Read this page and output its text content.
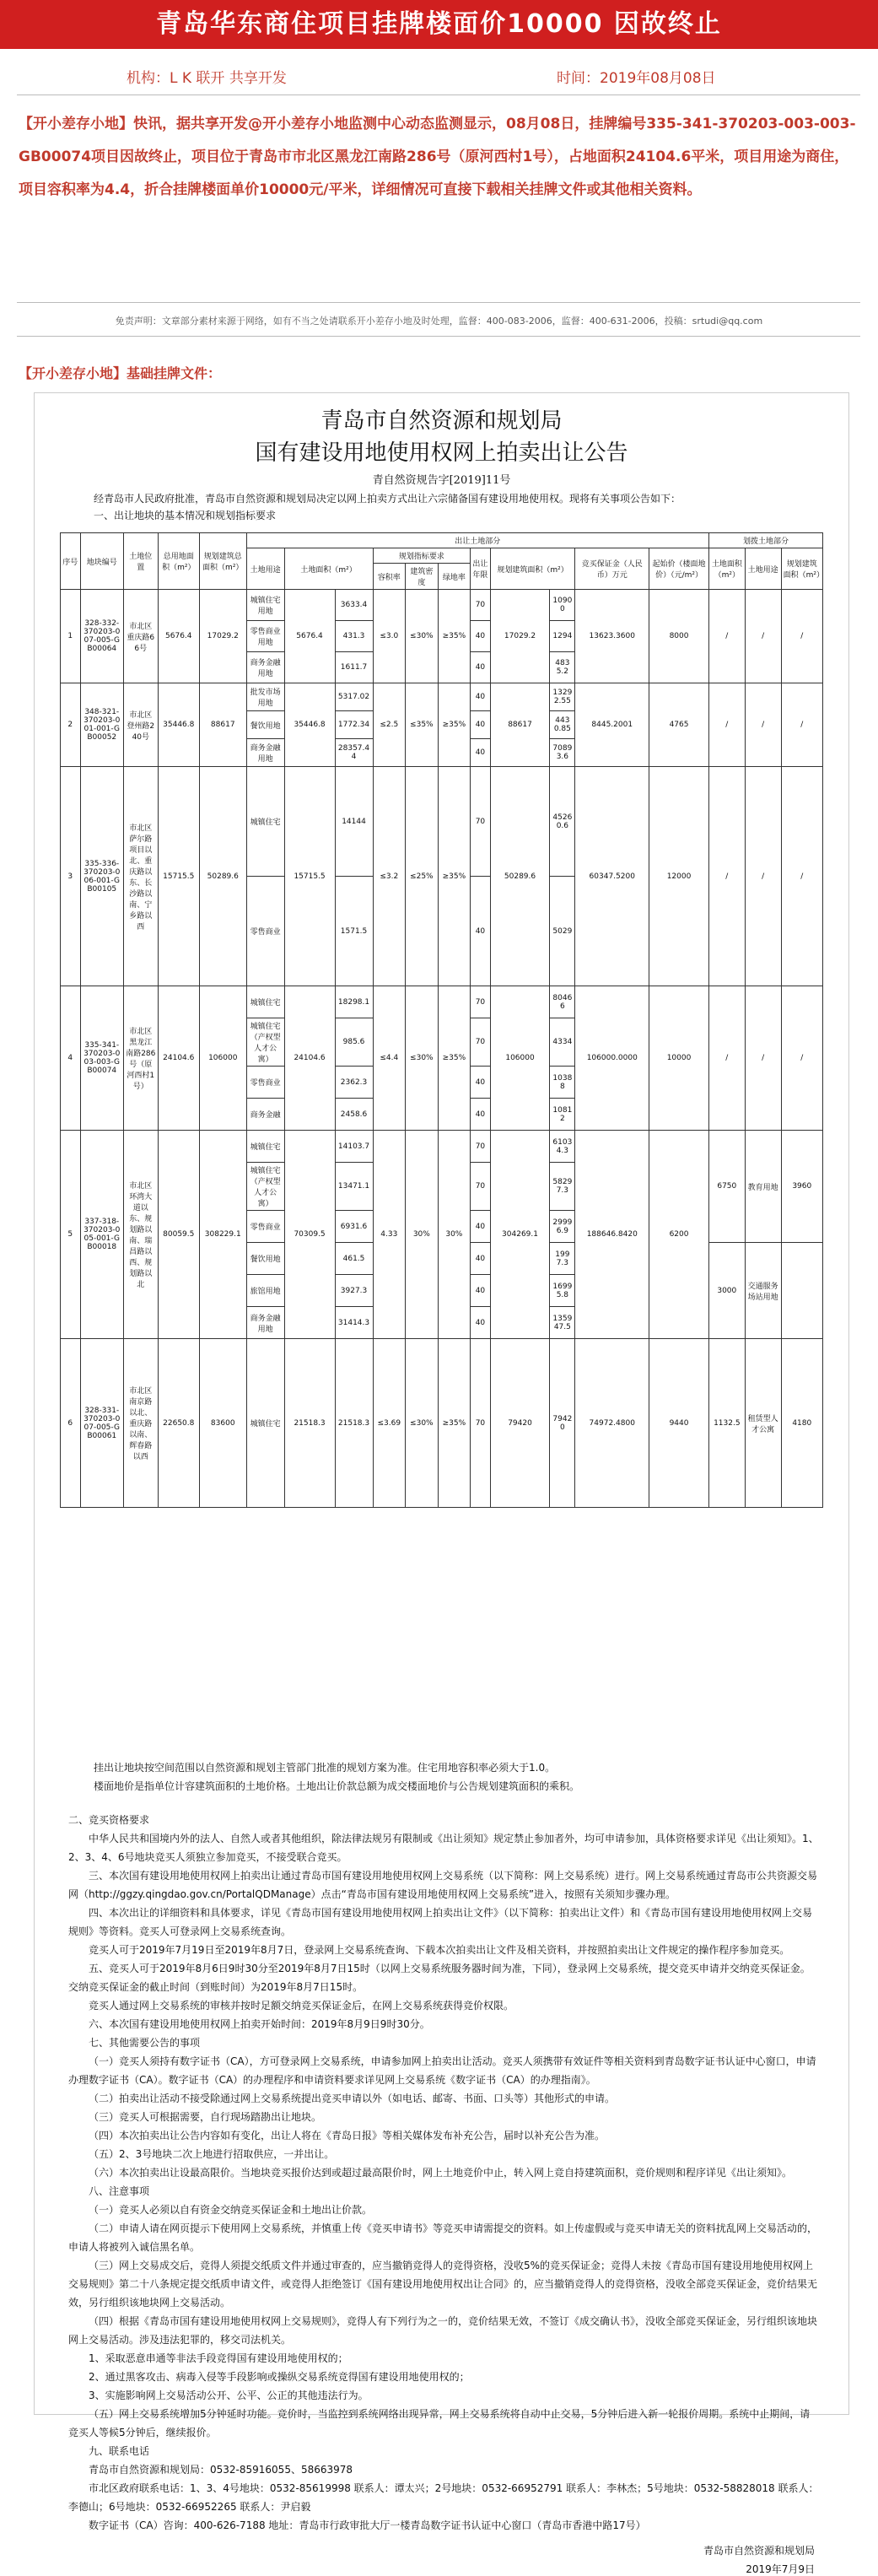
青岛华东商住项目挂牌楼面价10000 因故终止
机构：L K 联开 共享开发	时间：2019年08月08日
【开小差存小地】快讯，据共享开发@开小差存小地监测中心动态监测显示，08月08日，挂牌编号335-341-370203-003-003-GB00074项目因故终止，项目位于青岛市市北区黑龙江南路286号（原河西村1号），占地面积24104.6平米，项目用途为商住，项目容积率为4.4，折合挂牌楼面单价10000元/平米，详细情况可直接下载相关挂牌文件或其他相关资料。
免责声明：文章部分素材来源于网络，如有不当之处请联系开小差存小地及时处理，监督：400-083-2006，监督：400-631-2006，投稿：srtudi@qq.com
【开小差存小地】基础挂牌文件：
青岛市自然资源和规划局
国有建设用地使用权网上拍卖出让公告
青自然资规告字[2019]11号
经青岛市人民政府批准，青岛市自然资源和规划局决定以网上拍卖方式出让六宗储备国有建设用地使用权。现将有关事项公告如下：
一、出让地块的基本情况和规划指标要求
序号	地块编号	土地位置	总用地面积（m²）	规划建筑总面积（m²）	出让土地部分											划拨土地部分		
					土地用途	土地面积（m²）		规划指标要求			出让年限	规划建筑面积（m²）		竞买保证金（人民币）万元	起始价（楼面地价）（元/m²）	土地面积（m²）	土地用途	规划建筑面积（m²）
								容积率	建筑密度	绿地率								
1	328-332-370203-007-005-GB00064	市北区重庆路66号	5676.4	17029.2	城镇住宅用地	5676.4	3633.4	≤3.0	≤30%	≥35%	70	17029.2	10900	13623.3600	8000	/	/	/
					零售商业用地		431.3				40		1294					
					商务金融用地		1611.7				40		4835.2					
2	348-321-370203-001-001-GB00052	市北区登州路240号	35446.8	88617	批发市场用地	35446.8	5317.02	≤2.5	≤35%	≥35%	40	88617	13292.55	8445.2001	4765	/	/	/
					餐饮用地		1772.34				40		4430.85					
					商务金融用地		28357.44				40		70893.6					
3	335-336-370203-006-001-GB00105	市北区萨尔路项目以北、重庆路以东、长沙路以南、宁乡路以西	15715.5	50289.6	城镇住宅	15715.5	14144	≤3.2	≤25%	≥35%	70	50289.6	45260.6	60347.5200	12000	/	/	/
					零售商业		1571.5				40		5029					
4	335-341-370203-003-003-GB00074	市北区黑龙江南路286号（原河西村1号）	24104.6	106000	城镇住宅	24104.6	18298.1	≤4.4	≤30%	≥35%	70	106000	80466	106000.0000	10000	/	/	/
					城镇住宅（产权型人才公寓）		985.6				70		4334					
					零售商业		2362.3				40		10388					
					商务金融		2458.6				40		10812					
5	337-318-370203-005-001-GB00018	市北区环湾大道以东、规划路以南、瑞昌路以西、规划路以北	80059.5	308229.1	城镇住宅	70309.5	14103.7	4.33	30%	30%	70	304269.1	61034.3	188646.8420	6200	6750	教育用地	3960
					城镇住宅（产权型人才公寓）		13471.1				70		58297.3					
					零售商业		6931.6				40		29996.9					
					餐饮用地		461.5				40		1997.3			3000	交通服务场站用地	
					旅馆用地		3927.3				40		16995.8					
					商务金融用地		31414.3				40		135947.5					
6	328-331-370203-007-005-GB00061	市北区南京路以北、重庆路以南、辉春路以西	22650.8	83600	城镇住宅	21518.3	21518.3	≤3.69	≤30%	≥35%	70	79420	79420	74972.4800	9440	1132.5	租赁型人才公寓	4180
挂出让地块按空间范围以自然资源和规划主管部门批准的规划方案为准。住宅用地容积率必须大于1.0。
楼面地价是指单位计容建筑面积的土地价格。土地出让价款总额为成交楼面地价与公告规划建筑面积的乘积。

二、竞买资格要求

中华人民共和国境内外的法人、自然人或者其他组织，除法律法规另有限制或《出让须知》规定禁止参加者外，均可申请参加，具体资格要求详见《出让须知》。1、2、3、4、6号地块竞买人须独立参加竞买，不接受联合竞买。

三、本次国有建设用地使用权网上拍卖出让通过青岛市国有建设用地使用权网上交易系统（以下简称：网上交易系统）进行。网上交易系统通过青岛市公共资源交易网（http://ggzy.qingdao.gov.cn/PortalQDManage）点击“青岛市国有建设用地使用权网上交易系统”进入，按照有关须知步骤办理。

四、本次出让的详细资料和具体要求，详见《青岛市国有建设用地使用权网上拍卖出让文件》（以下简称：拍卖出让文件）和《青岛市国有建设用地使用权网上交易规则》等资料。竞买人可登录网上交易系统查询。

竞买人可于2019年7月19日至2019年8月7日，登录网上交易系统查询、下载本次拍卖出让文件及相关资料，并按照拍卖出让文件规定的操作程序参加竞买。

五、竞买人可于2019年8月6日9时30分至2019年8月7日15时（以网上交易系统服务器时间为准，下同），登录网上交易系统，提交竞买申请并交纳竞买保证金。交纳竞买保证金的截止时间（到账时间）为2019年8月7日15时。

竞买人通过网上交易系统的审核并按时足额交纳竞买保证金后，在网上交易系统获得竞价权限。

六、本次国有建设用地使用权网上拍卖开始时间：2019年8月9日9时30分。

七、其他需要公告的事项

（一）竞买人须持有数字证书（CA），方可登录网上交易系统，申请参加网上拍卖出让活动。竞买人须携带有效证件等相关资料到青岛数字证书认证中心窗口，申请办理数字证书（CA）。数字证书（CA）的办理程序和申请资料要求详见网上交易系统《数字证书（CA）的办理指南》。

（二）拍卖出让活动不接受除通过网上交易系统提出竞买申请以外（如电话、邮寄、书面、口头等）其他形式的申请。

（三）竞买人可根据需要，自行现场踏勘出让地块。

（四）本次拍卖出让公告内容如有变化，出让人将在《青岛日报》等相关媒体发布补充公告，届时以补充公告为准。

（五）2、3号地块二次上地进行招取供应，一并出让。

（六）本次拍卖出让设最高限价。当地块竞买报价达到或超过最高限价时，网上土地竞价中止，转入网上竞自持建筑面积，竞价规则和程序详见《出让须知》。

八、注意事项

（一）竞买人必须以自有资金交纳竞买保证金和土地出让价款。

（二）申请人请在网页提示下使用网上交易系统，并慎重上传《竞买申请书》等竞买申请需提交的资料。如上传虚假或与竞买申请无关的资料扰乱网上交易活动的，申请人将被列入诚信黑名单。

（三）网上交易成交后，竞得人须提交纸质文件并通过审查的，应当撤销竞得人的竞得资格，没收5%的竞买保证金；竞得人未按《青岛市国有建设用地使用权网上交易规则》第二十八条规定提交纸质申请文件，或竞得人拒绝签订《国有建设用地使用权出让合同》的，应当撤销竞得人的竞得资格，没收全部竞买保证金，竞价结果无效，另行组织该地块网上交易活动。

（四）根据《青岛市国有建设用地使用权网上交易规则》，竞得人有下列行为之一的，竞价结果无效，不签订《成交确认书》，没收全部竞买保证金，另行组织该地块网上交易活动。涉及违法犯罪的，移交司法机关。

1、采取恶意串通等非法手段竞得国有建设用地使用权的；

2、通过黑客攻击、病毒入侵等手段影响或操纵交易系统竞得国有建设用地使用权的；

3、实施影响网上交易活动公开、公平、公正的其他违法行为。

（五）网上交易系统增加5分钟延时功能。竞价时，当监控到系统网络出现异常，网上交易系统将自动中止交易，5分钟后进入新一轮报价周期。系统中止期间，请竞买人等候5分钟后，继续报价。

九、联系电话

青岛市自然资源和规划局：0532-85916055、58663978

市北区政府联系电话：1、3、4号地块：0532-85619998 联系人：谭太兴；2号地块：0532-66952791 联系人：李林杰；5号地块：0532-58828018 联系人：李德山；6号地块：0532-66952265 联系人：尹启毅

数字证书（CA）咨询：400-626-7188 地址：青岛市行政审批大厅一楼青岛数字证书认证中心窗口（青岛市香港中路17号）

青岛市自然资源和规划局
2019年7月9日
